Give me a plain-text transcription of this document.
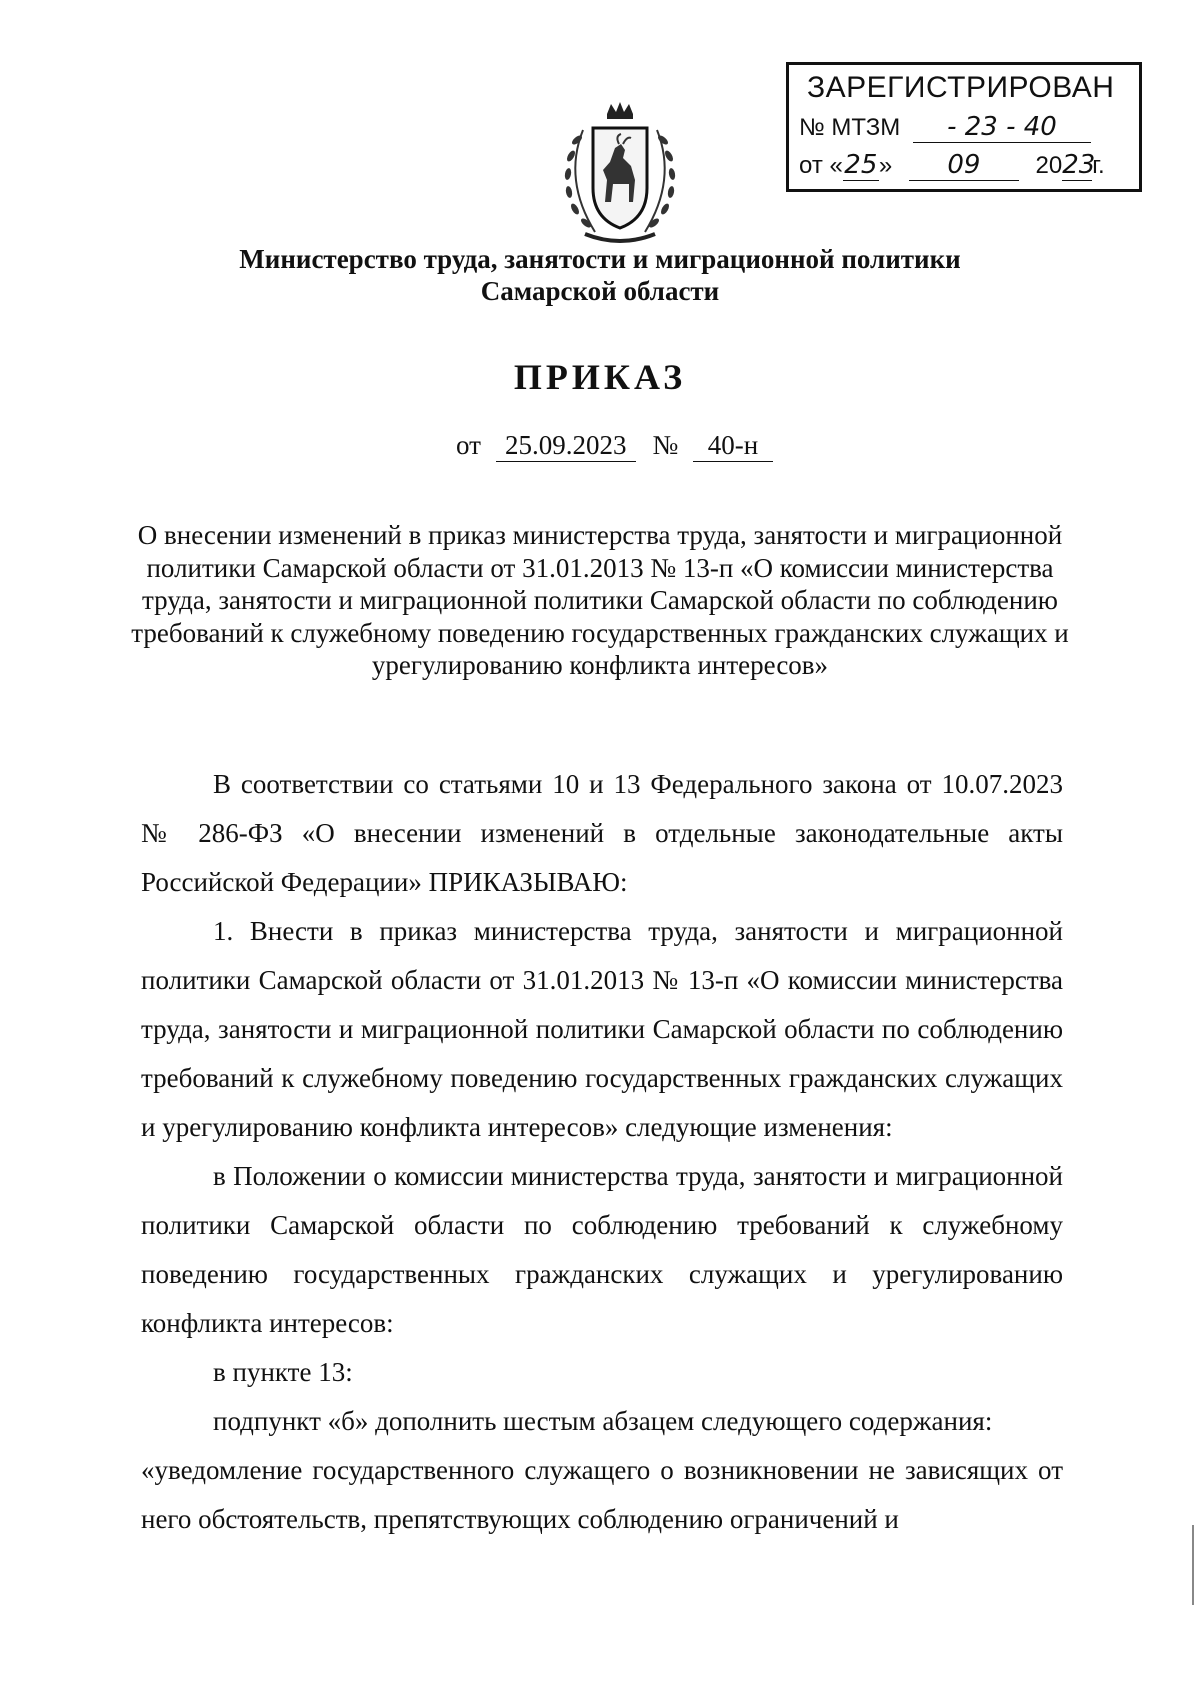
ЗАРЕГИСТРИРОВАН
№ МТЗМ - 23 - 40
от «25» 09 2023г.
Министерство труда, занятости и миграционной политики
Самарской области
ПРИКАЗ
от 25.09.2023 № 40-н
О внесении изменений в приказ министерства труда, занятости и миграционной политики Самарской области от 31.01.2013 № 13-п «О комиссии министерства труда, занятости и миграционной политики Самарской области по соблюдению требований к служебному поведению государственных гражданских служащих и урегулированию конфликта интересов»

В соответствии со статьями 10 и 13 Федерального закона от 10.07.2023 № 286-ФЗ «О внесении изменений в отдельные законодательные акты Российской Федерации» ПРИКАЗЫВАЮ:

1. Внести в приказ министерства труда, занятости и миграционной политики Самарской области от 31.01.2013 № 13-п «О комиссии министерства труда, занятости и миграционной политики Самарской области по соблюдению требований к служебному поведению государственных гражданских служащих и урегулированию конфликта интересов» следующие изменения:

в Положении о комиссии министерства труда, занятости и миграционной политики Самарской области по соблюдению требований к служебному поведению государственных гражданских служащих и урегулированию конфликта интересов:

в пункте 13:

подпункт «б» дополнить шестым абзацем следующего содержания:

«уведомление государственного служащего о возникновении не зависящих от него обстоятельств, препятствующих соблюдению ограничений и
